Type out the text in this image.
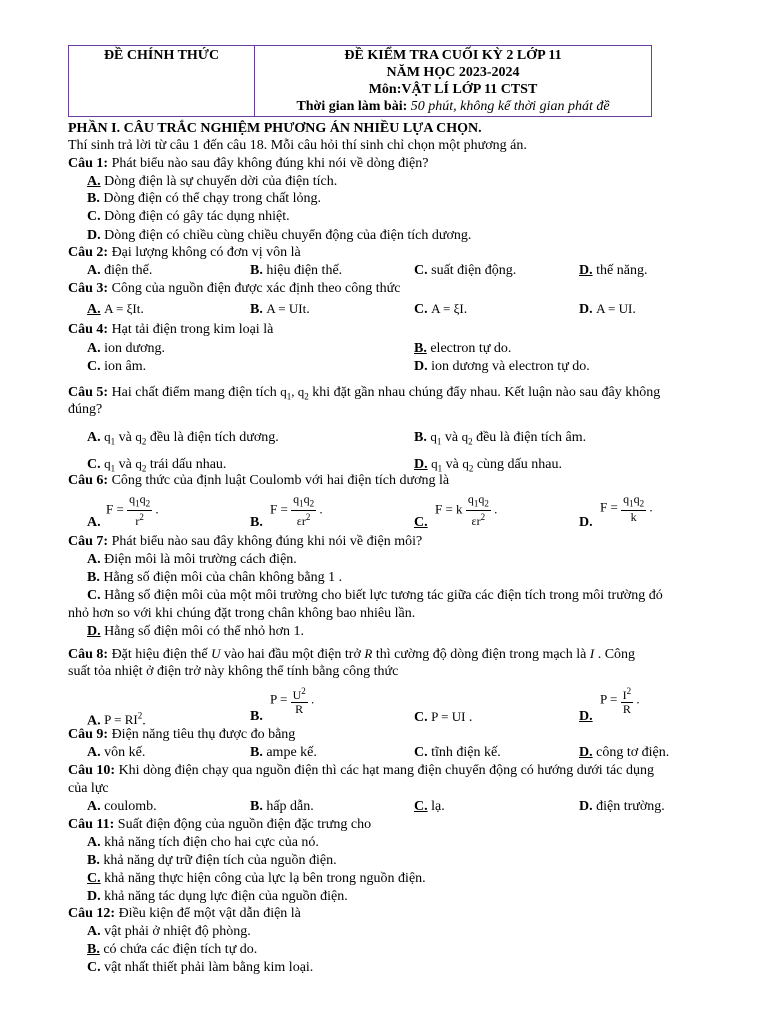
ĐỀ CHÍNH THỨC	ĐỀ KIỂM TRA CUỐI KỲ 2 LỚP 11
NĂM HỌC 2023-2024
Môn:VẬT LÍ LỚP 11 CTST
Thời gian làm bài: 50 phút, không kể thời gian phát đề
PHẦN I. CÂU TRẮC NGHIỆM PHƯƠNG ÁN NHIỀU LỰA CHỌN.
Thí sinh trả lời từ câu 1 đến câu 18. Mỗi câu hỏi thí sinh chỉ chọn một phương án.
Câu 1: Phát biểu nào sau đây không đúng khi nói về dòng điện?
A. Dòng điện là sự chuyển dời của điện tích.
B. Dòng điện có thể chạy trong chất lỏng.
C. Dòng điện có gây tác dụng nhiệt.
D. Dòng điện có chiều cùng chiều chuyển động của điện tích dương.
Câu 2: Đại lượng không có đơn vị vôn là
A. điện thế.	B. hiệu điện thế.	C. suất điện động.	D. thế năng.
Câu 3: Công của nguồn điện được xác định theo công thức
A. A = ξIt.	B. A = UIt.	C. A = ξI.	D. A = UI.
Câu 4: Hạt tải điện trong kim loại là
A. ion dương.	B. electron tự do.
C. ion âm.	D. ion dương và electron tự do.
Câu 5: Hai chất điểm mang điện tích $q_1$, $q_2$ khi đặt gần nhau chúng đẩy nhau. Kết luận nào sau đây không
đúng?
A. $q_1$ và $q_2$ đều là điện tích dương.	B. $q_1$ và $q_2$ đều là điện tích âm.
C. $q_1$ và $q_2$ trái dấu nhau.	D. $q_1$ và $q_2$ cùng dấu nhau.
Câu 6: Công thức của định luật Coulomb với hai điện tích dương là
A.
$F = \frac{q_1q_2}{r^2}$ .
B.
$F = \frac{q_1q_2}{\varepsilon r^2}$ .
C.
F = k $\frac{q_1q_2}{\varepsilon r^2}$ .
D.
$F = \frac{q_1q_2}{k}$ .
Câu 7: Phát biểu nào sau đây không đúng khi nói về điện môi?
A. Điện môi là môi trường cách điện.
B. Hằng số điện môi của chân không bằng 1 .
C. Hằng số điện môi của một môi trường cho biết lực tương tác giữa các điện tích trong môi trường đó
nhỏ hơn so với khi chúng đặt trong chân không bao nhiêu lần.
D. Hằng số điện môi có thể nhỏ hơn 1.
Câu 8: Đặt hiệu điện thế U vào hai đầu một điện trở R thì cường độ dòng điện trong mạch là I . Công
suất tỏa nhiệt ở điện trở này không thể tính bằng công thức
A. $P = RI^2$.	B.
$P = \frac{U^2}{R}$ .
C. P = UI .	D.
$P = \frac{I^2}{R}$ .
Câu 9: Điện năng tiêu thụ được đo bằng
A. vôn kế.	B. ampe kế.	C. tĩnh điện kế.	D. công tơ điện.
Câu 10: Khi dòng điện chạy qua nguồn điện thì các hạt mang điện chuyển động có hướng dưới tác dụng
của lực
A. coulomb.	B. hấp dẫn.	C. lạ.	D. điện trường.
Câu 11: Suất điện động của nguồn điện đặc trưng cho
A. khả năng tích điện cho hai cực của nó.
B. khả năng dự trữ điện tích của nguồn điện.
C. khả năng thực hiện công của lực lạ bên trong nguồn điện.
D. khả năng tác dụng lực điện của nguồn điện.
Câu 12: Điều kiện để một vật dẫn điện là
A. vật phải ở nhiệt độ phòng.
B. có chứa các điện tích tự do.
C. vật nhất thiết phải làm bằng kim loại.
